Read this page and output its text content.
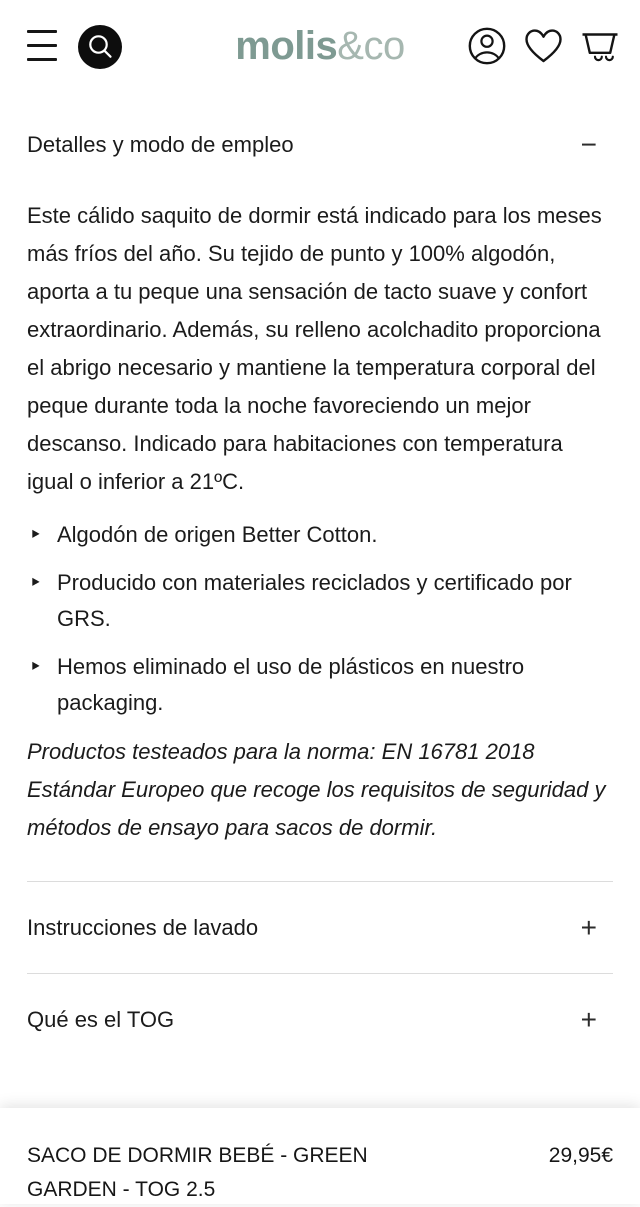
molis&co
Detalles y modo de empleo	−

Este cálido saquito de dormir está indicado para los meses más fríos del año. Su tejido de punto y 100% algodón, aporta a tu peque una sensación de tacto suave y confort extraordinario. Además, su relleno acolchadito proporciona el abrigo necesario y mantiene la temperatura corporal del peque durante toda la noche favoreciendo un mejor descanso. Indicado para habitaciones con temperatura igual o inferior a 21ºC.

‣ Algodón de origen Better Cotton.
‣ Producido con materiales reciclados y certificado por GRS.
‣ Hemos eliminado el uso de plásticos en nuestro packaging.

Productos testeados para la norma: EN 16781 2018 Estándar Europeo que recoge los requisitos de seguridad y métodos de ensayo para sacos de dormir.

Instrucciones de lavado	+
Qué es el TOG	+
SACO DE DORMIR BEBÉ - GREEN GARDEN - TOG 2.5
29,95€
